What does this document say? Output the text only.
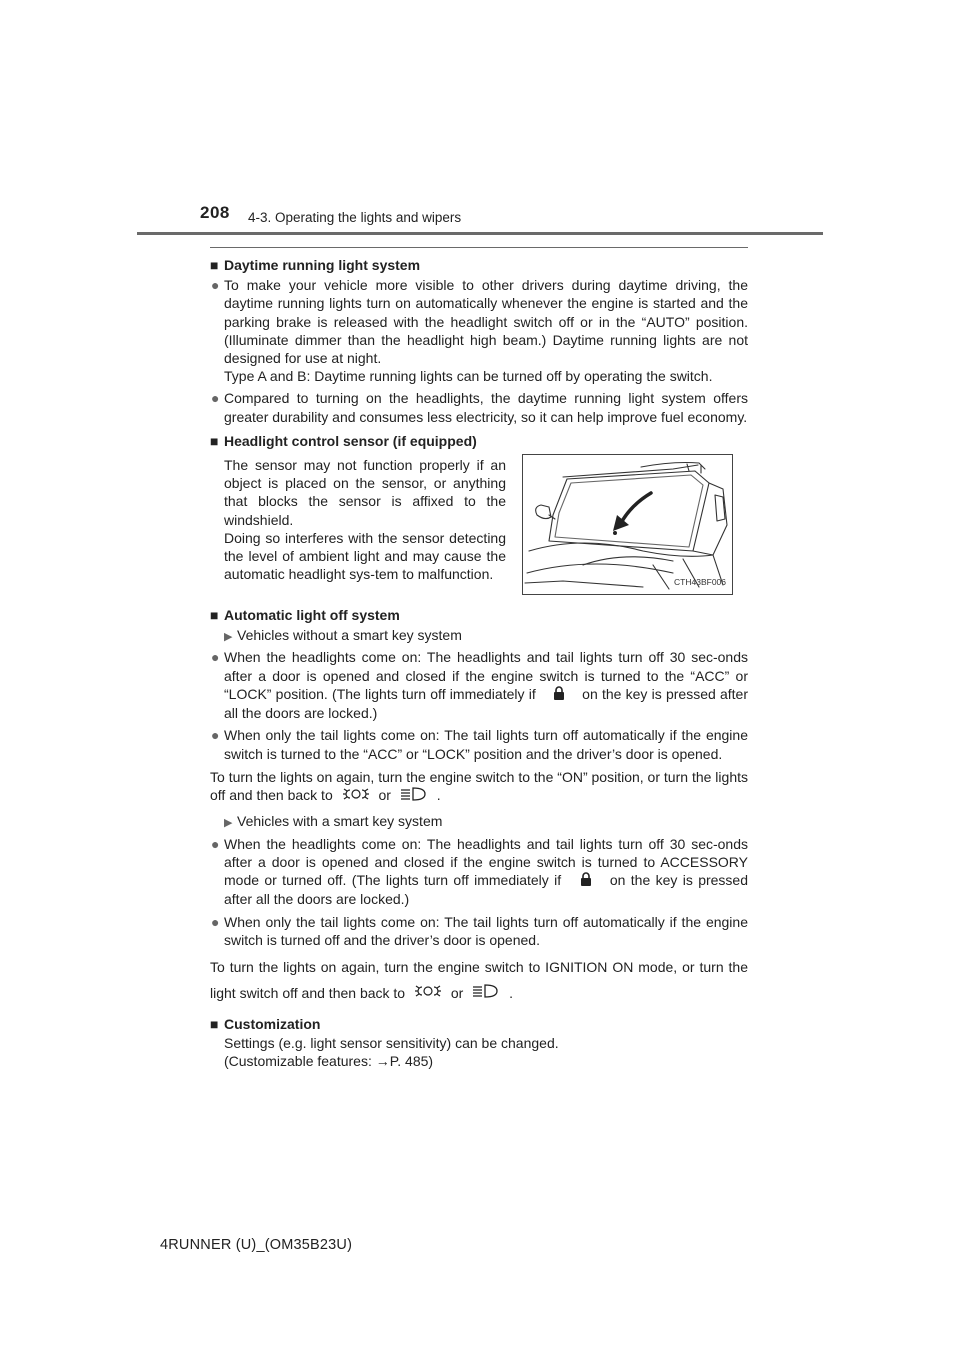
208 4-3. Operating the lights and wipers

■ Daytime running light system

● To make your vehicle more visible to other drivers during daytime driving, the daytime running lights turn on automatically whenever the engine is started and the parking brake is released with the headlight switch off or in the “AUTO” position. (Illuminate dimmer than the headlight high beam.) Daytime running lights are not designed for use at night.
Type A and B: Daytime running lights can be turned off by operating the switch.
● Compared to turning on the headlights, the daytime running light system offers greater durability and consumes less electricity, so it can help improve fuel economy.

■ Headlight control sensor (if equipped)

The sensor may not function properly if an object is placed on the sensor, or anything that blocks the sensor is affixed to the windshield.
Doing so interferes with the sensor detecting the level of ambient light and may cause the automatic headlight sys-tem to malfunction.	CTH43BF006

■ Automatic light off system

▶ Vehicles without a smart key system

● When the headlights come on: The headlights and tail lights turn off 30 sec-onds after a door is opened and closed if the engine switch is turned to the “ACC” or “LOCK” position. (The lights turn off immediately if	on the key is pressed after all the doors are locked.)
● When only the tail lights come on: The tail lights turn off automatically if the engine switch is turned to the “ACC” or “LOCK” position and the driver’s door is opened.

To turn the lights on again, turn the engine switch to the “ON” position, or turn the lights off and then back to	or	.

▶ Vehicles with a smart key system

● When the headlights come on: The headlights and tail lights turn off 30 sec-onds after a door is opened and closed if the engine switch is turned to ACCESSORY mode or turned off. (The lights turn off immediately if	on the key is pressed after all the doors are locked.)
● When only the tail lights come on: The tail lights turn off automatically if the engine switch is turned off and the driver’s door is opened.

To turn the lights on again, turn the engine switch to IGNITION ON mode, or turn the light switch off and then back to	or	.

■ Customization

Settings (e.g. light sensor sensitivity) can be changed.

(Customizable features: →P. 485)

4RUNNER (U)_(OM35B23U)
